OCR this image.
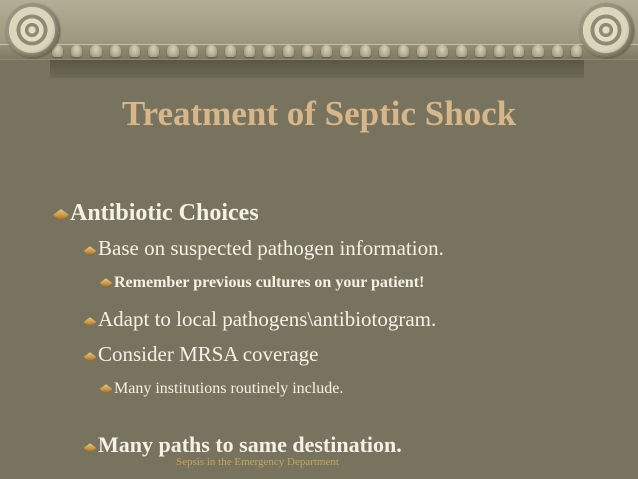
Treatment of Septic Shock
Antibiotic Choices
Base on suspected pathogen information.
Remember previous cultures on your patient!
Adapt to local pathogens\antibiotogram.
Consider MRSA coverage
Many institutions routinely include.
Many paths to same destination.
Sepsis in the Emergency Department
